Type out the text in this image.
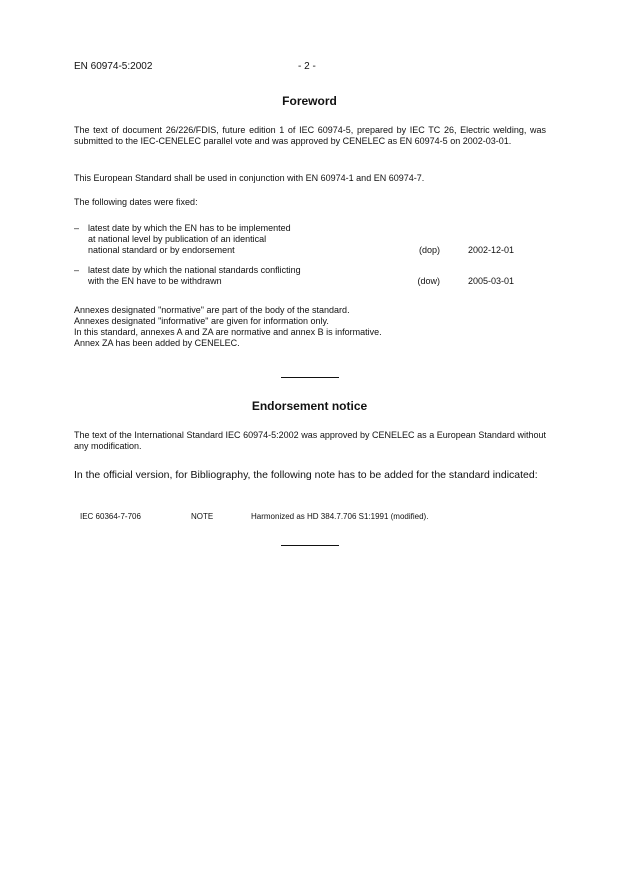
EN 60974-5:2002	- 2 -
Foreword
The text of document 26/226/FDIS, future edition 1 of IEC 60974-5, prepared by IEC TC 26, Electric welding, was submitted to the IEC-CENELEC parallel vote and was approved by CENELEC as EN 60974-5 on 2002-03-01.
This European Standard shall be used in conjunction with EN 60974-1 and EN 60974-7.
The following dates were fixed:
– latest date by which the EN has to be implemented
at national level by publication of an identical
national standard or by endorsement	(dop)	2002-12-01
– latest date by which the national standards conflicting
with the EN have to be withdrawn	(dow)	2005-03-01
Annexes designated "normative" are part of the body of the standard.
Annexes designated "informative" are given for information only.
In this standard, annexes A and ZA are normative and annex B is informative.
Annex ZA has been added by CENELEC.
Endorsement notice
The text of the International Standard IEC 60974-5:2002 was approved by CENELEC as a European Standard without any modification.
In the official version, for Bibliography, the following note has to be added for the standard indicated:
IEC 60364-7-706	NOTE	Harmonized as HD 384.7.706 S1:1991 (modified).
